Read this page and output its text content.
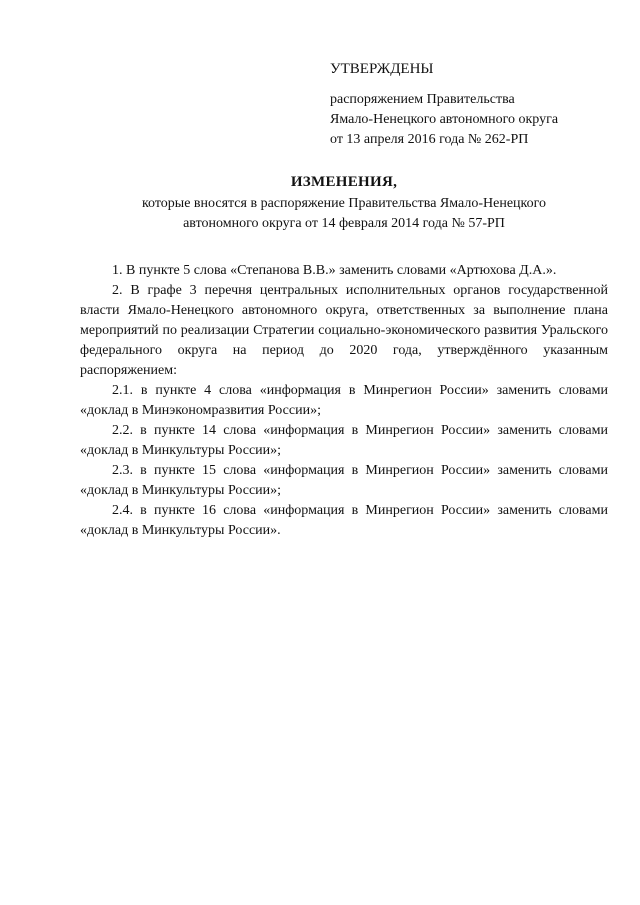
УТВЕРЖДЕНЫ

распоряжением Правительства

Ямало-Ненецкого автономного округа

от 13 апреля 2016 года № 262-РП

ИЗМЕНЕНИЯ,

которые вносятся в распоряжение Правительства Ямало-Ненецкого

автономного округа от 14 февраля 2014 года № 57-РП

1. В пункте 5 слова «Степанова В.В.» заменить словами «Артюхова Д.А.».

2. В графе 3 перечня центральных исполнительных органов государственной власти Ямало-Ненецкого автономного округа, ответственных за выполнение плана мероприятий по реализации Стратегии социально-экономического развития Уральского федерального округа на период до 2020 года, утверждённого указанным распоряжением:

2.1. в пункте 4 слова «информация в Минрегион России» заменить словами «доклад в Минэкономразвития России»;

2.2. в пункте 14 слова «информация в Минрегион России» заменить словами «доклад в Минкультуры России»;

2.3. в пункте 15 слова «информация в Минрегион России» заменить словами «доклад в Минкультуры России»;

2.4. в пункте 16 слова «информация в Минрегион России» заменить словами «доклад в Минкультуры России».
